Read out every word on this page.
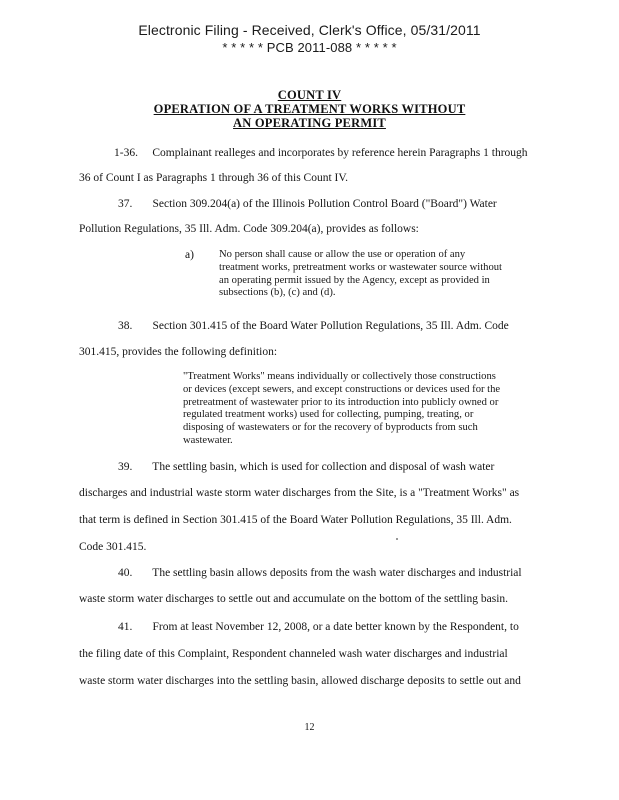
Electronic Filing - Received, Clerk's Office, 05/31/2011
* * * * * PCB 2011-088 * * * * *
COUNT IV
OPERATION OF A TREATMENT WORKS WITHOUT
AN OPERATING PERMIT
1-36.     Complainant realleges and incorporates by reference herein Paragraphs 1 through
36 of Count I as Paragraphs 1 through 36 of this Count IV.
37.       Section 309.204(a) of the Illinois Pollution Control Board ("Board") Water
Pollution Regulations, 35 Ill. Adm. Code 309.204(a), provides as follows:
a) No person shall cause or allow the use or operation of any
treatment works, pretreatment works or wastewater source without
an operating permit issued by the Agency, except as provided in
subsections (b), (c) and (d).
38.       Section 301.415 of the Board Water Pollution Regulations, 35 Ill. Adm. Code
301.415, provides the following definition:
"Treatment Works" means individually or collectively those constructions
or devices (except sewers, and except constructions or devices used for the
pretreatment of wastewater prior to its introduction into publicly owned or
regulated treatment works) used for collecting, pumping, treating, or
disposing of wastewaters or for the recovery of byproducts from such
wastewater.
39.       The settling basin, which is used for collection and disposal of wash water
discharges and industrial waste storm water discharges from the Site, is a "Treatment Works" as
that term is defined in Section 301.415 of the Board Water Pollution Regulations, 35 Ill. Adm.
Code 301.415.
40.       The settling basin allows deposits from the wash water discharges and industrial
waste storm water discharges to settle out and accumulate on the bottom of the settling basin.
41.       From at least November 12, 2008, or a date better known by the Respondent, to
the filing date of this Complaint, Respondent channeled wash water discharges and industrial
waste storm water discharges into the settling basin, allowed discharge deposits to settle out and
12
